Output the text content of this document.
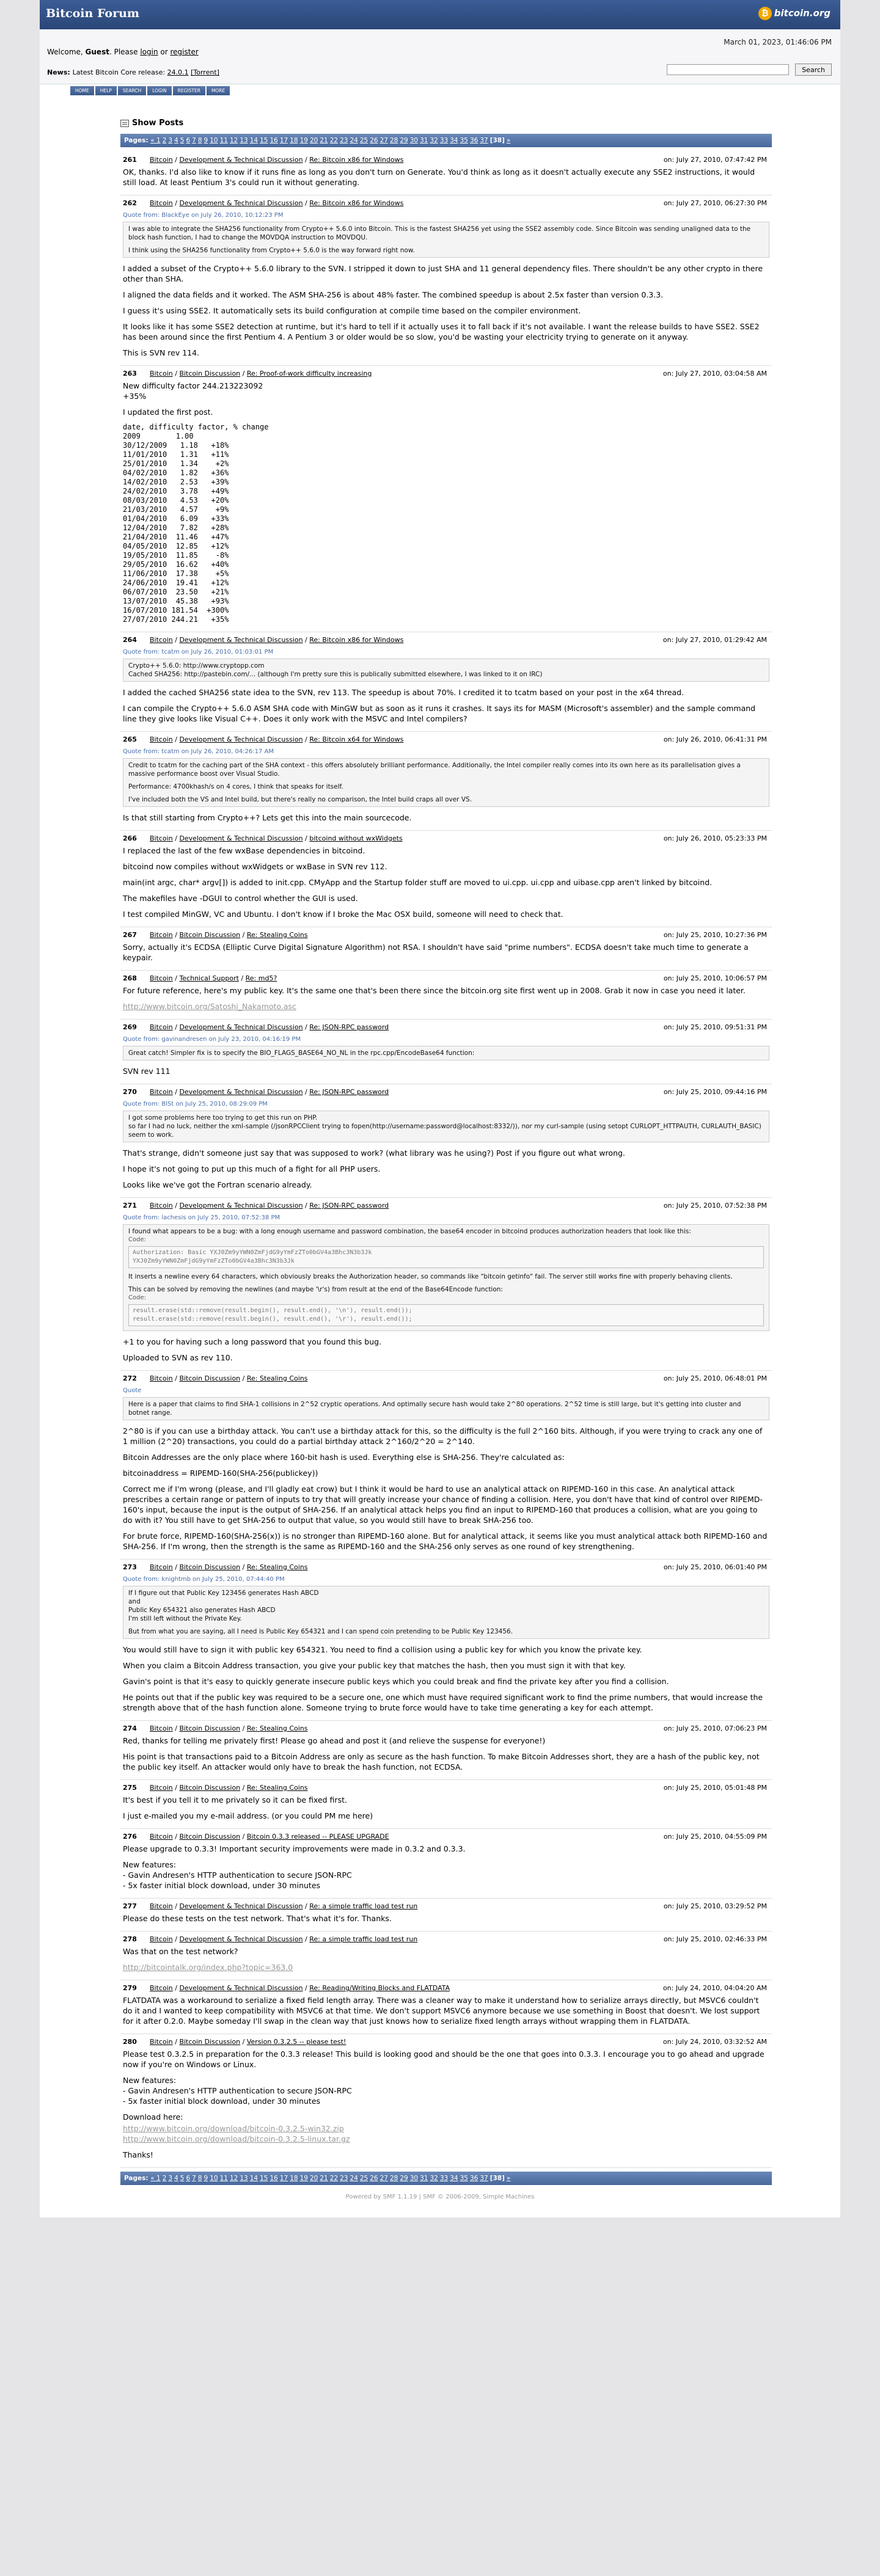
Bitcoin Forum	₿ bitcoin.org
March 01, 2023, 01:46:06 PM
Welcome, Guest. Please login or register
News: Latest Bitcoin Core release: 24.0.1 [Torrent]	Search
HOME HELP SEARCH LOGIN REGISTER MORE
Show Posts
Pages: « 1 2 3 4 5 6 7 8 9 10 11 12 13 14 15 16 17 18 19 20 21 22 23 24 25 26 27 28 29 30 31 32 33 34 35 36 37 [38] »
261 Bitcoin / Development & Technical Discussion / Re: Bitcoin x86 for Windows	on: July 27, 2010, 07:47:42 PM

OK, thanks. I'd also like to know if it runs fine as long as you don't turn on Generate. You'd think as long as it doesn't actually execute any SSE2 instructions, it would still load. At least Pentium 3's could run it without generating.

262 Bitcoin / Development & Technical Discussion / Re: Bitcoin x86 for Windows	on: July 27, 2010, 06:27:30 PM
Quote from: BlackEye on July 26, 2010, 10:12:23 PM

I was able to integrate the SHA256 functionality from Crypto++ 5.6.0 into Bitcoin. This is the fastest SHA256 yet using the SSE2 assembly code. Since Bitcoin was sending unaligned data to the block hash function, I had to change the MOVDQA instruction to MOVDQU.

I think using the SHA256 functionality from Crypto++ 5.6.0 is the way forward right now.

I added a subset of the Crypto++ 5.6.0 library to the SVN. I stripped it down to just SHA and 11 general dependency files. There shouldn't be any other crypto in there other than SHA.

I aligned the data fields and it worked. The ASM SHA-256 is about 48% faster. The combined speedup is about 2.5x faster than version 0.3.3.

I guess it's using SSE2. It automatically sets its build configuration at compile time based on the compiler environment.

It looks like it has some SSE2 detection at runtime, but it's hard to tell if it actually uses it to fall back if it's not available. I want the release builds to have SSE2. SSE2 has been around since the first Pentium 4. A Pentium 3 or older would be so slow, you'd be wasting your electricity trying to generate on it anyway.

This is SVN rev 114.

263 Bitcoin / Bitcoin Discussion / Re: Proof-of-work difficulty increasing	on: July 27, 2010, 03:04:58 AM

New difficulty factor 244.213223092
+35%

I updated the first post.

date, difficulty factor, % change
2009        1.00
30/12/2009   1.18   +18%
11/01/2010   1.31   +11%
25/01/2010   1.34    +2%
04/02/2010   1.82   +36%
14/02/2010   2.53   +39%
24/02/2010   3.78   +49%
08/03/2010   4.53   +20%
21/03/2010   4.57    +9%
01/04/2010   6.09   +33%
12/04/2010   7.82   +28%
21/04/2010  11.46   +47%
04/05/2010  12.85   +12%
19/05/2010  11.85    -8%
29/05/2010  16.62   +40%
11/06/2010  17.38    +5%
24/06/2010  19.41   +12%
06/07/2010  23.50   +21%
13/07/2010  45.38   +93%
16/07/2010 181.54  +300%
27/07/2010 244.21   +35%
264 Bitcoin / Development & Technical Discussion / Re: Bitcoin x86 for Windows	on: July 27, 2010, 01:29:42 AM
Quote from: tcatm on July 26, 2010, 01:03:01 PM

Crypto++ 5.6.0: http://www.cryptopp.com
Cached SHA256: http://pastebin.com/... (although I'm pretty sure this is publically submitted elsewhere, I was linked to it on IRC)

I added the cached SHA256 state idea to the SVN, rev 113. The speedup is about 70%. I credited it to tcatm based on your post in the x64 thread.

I can compile the Crypto++ 5.6.0 ASM SHA code with MinGW but as soon as it runs it crashes. It says its for MASM (Microsoft's assembler) and the sample command line they give looks like Visual C++. Does it only work with the MSVC and Intel compilers?

265 Bitcoin / Development & Technical Discussion / Re: Bitcoin x64 for Windows	on: July 26, 2010, 06:41:31 PM
Quote from: tcatm on July 26, 2010, 04:26:17 AM

Credit to tcatm for the caching part of the SHA context - this offers absolutely brilliant performance. Additionally, the Intel compiler really comes into its own here as its parallelisation gives a massive performance boost over Visual Studio.

Performance: 4700khash/s on 4 cores, I think that speaks for itself.

I've included both the VS and Intel build, but there's really no comparison, the Intel build craps all over VS.

Is that still starting from Crypto++? Lets get this into the main sourcecode.

266 Bitcoin / Development & Technical Discussion / bitcoind without wxWidgets	on: July 26, 2010, 05:23:33 PM

I replaced the last of the few wxBase dependencies in bitcoind.

bitcoind now compiles without wxWidgets or wxBase in SVN rev 112.

main(int argc, char* argv[]) is added to init.cpp. CMyApp and the Startup folder stuff are moved to ui.cpp. ui.cpp and uibase.cpp aren't linked by bitcoind.

The makefiles have -DGUI to control whether the GUI is used.

I test compiled MinGW, VC and Ubuntu. I don't know if I broke the Mac OSX build, someone will need to check that.

267 Bitcoin / Bitcoin Discussion / Re: Stealing Coins	on: July 25, 2010, 10:27:36 PM

Sorry, actually it's ECDSA (Elliptic Curve Digital Signature Algorithm) not RSA. I shouldn't have said "prime numbers". ECDSA doesn't take much time to generate a keypair.

268 Bitcoin / Technical Support / Re: md5?	on: July 25, 2010, 10:06:57 PM

For future reference, here's my public key. It's the same one that's been there since the bitcoin.org site first went up in 2008. Grab it now in case you need it later.

http://www.bitcoin.org/Satoshi_Nakamoto.asc

269 Bitcoin / Development & Technical Discussion / Re: JSON-RPC password	on: July 25, 2010, 09:51:31 PM
Quote from: gavinandresen on July 23, 2010, 04:16:19 PM

Great catch! Simpler fix is to specify the BIO_FLAGS_BASE64_NO_NL in the rpc.cpp/EncodeBase64 function:

SVN rev 111

270 Bitcoin / Development & Technical Discussion / Re: JSON-RPC password	on: July 25, 2010, 09:44:16 PM
Quote from: BlSt on July 25, 2010, 08:29:09 PM

I got some problems here too trying to get this run on PHP.
so far I had no luck, neither the xml-sample (/jsonRPCClient trying to fopen(http://username:password@localhost:8332/)), nor my curl-sample (using setopt CURLOPT_HTTPAUTH, CURLAUTH_BASIC) seem to work.

That's strange, didn't someone just say that was supposed to work? (what library was he using?) Post if you figure out what wrong.

I hope it's not going to put up this much of a fight for all PHP users.

Looks like we've got the Fortran scenario already.

271 Bitcoin / Development & Technical Discussion / Re: JSON-RPC password	on: July 25, 2010, 07:52:38 PM
Quote from: lachesis on July 25, 2010, 07:52:38 PM

I found what appears to be a bug: with a long enough username and password combination, the base64 encoder in bitcoind produces authorization headers that look like this:

Code:
Authorization: Basic YXJ0Zm9yYWN0ZmFjdG9yYmFzZTo0bGV4a3Bhc3N3b3Jk
YXJ0Zm9yYWN0ZmFjdG9yYmFzZTo0bGV4a3Bhc3N3b3Jk

It inserts a newline every 64 characters, which obviously breaks the Authorization header, so commands like "bitcoin getinfo" fail. The server still works fine with properly behaving clients.

This can be solved by removing the newlines (and maybe '\r's) from result at the end of the Base64Encode function:

Code:
result.erase(std::remove(result.begin(), result.end(), '\n'), result.end());
result.erase(std::remove(result.begin(), result.end(), '\r'), result.end());

+1 to you for having such a long password that you found this bug.

Uploaded to SVN as rev 110.

272 Bitcoin / Bitcoin Discussion / Re: Stealing Coins	on: July 25, 2010, 06:48:01 PM
Quote

Here is a paper that claims to find SHA-1 collisions in 2^52 cryptic operations. And optimally secure hash would take 2^80 operations. 2^52 time is still large, but it's getting into cluster and botnet range.

2^80 is if you can use a birthday attack. You can't use a birthday attack for this, so the difficulty is the full 2^160 bits. Although, if you were trying to crack any one of 1 million (2^20) transactions, you could do a partial birthday attack 2^160/2^20 = 2^140.

Bitcoin Addresses are the only place where 160-bit hash is used. Everything else is SHA-256. They're calculated as:

bitcoinaddress = RIPEMD-160(SHA-256(publickey))

Correct me if I'm wrong (please, and I'll gladly eat crow) but I think it would be hard to use an analytical attack on RIPEMD-160 in this case. An analytical attack prescribes a certain range or pattern of inputs to try that will greatly increase your chance of finding a collision. Here, you don't have that kind of control over RIPEMD-160's input, because the input is the output of SHA-256. If an analytical attack helps you find an input to RIPEMD-160 that produces a collision, what are you going to do with it? You still have to get SHA-256 to output that value, so you would still have to break SHA-256 too.

For brute force, RIPEMD-160(SHA-256(x)) is no stronger than RIPEMD-160 alone. But for analytical attack, it seems like you must analytical attack both RIPEMD-160 and SHA-256. If I'm wrong, then the strength is the same as RIPEMD-160 and the SHA-256 only serves as one round of key strengthening.

273 Bitcoin / Bitcoin Discussion / Re: Stealing Coins	on: July 25, 2010, 06:01:40 PM
Quote from: knightmb on July 25, 2010, 07:44:40 PM

If I figure out that Public Key 123456 generates Hash ABCD
and
Public Key 654321 also generates Hash ABCD
I'm still left without the Private Key.

But from what you are saying, all I need is Public Key 654321 and I can spend coin pretending to be Public Key 123456.

You would still have to sign it with public key 654321. You need to find a collision using a public key for which you know the private key.

When you claim a Bitcoin Address transaction, you give your public key that matches the hash, then you must sign it with that key.

Gavin's point is that it's easy to quickly generate insecure public keys which you could break and find the private key after you find a collision.

He points out that if the public key was required to be a secure one, one which must have required significant work to find the prime numbers, that would increase the strength above that of the hash function alone. Someone trying to brute force would have to take time generating a key for each attempt.

274 Bitcoin / Bitcoin Discussion / Re: Stealing Coins	on: July 25, 2010, 07:06:23 PM

Red, thanks for telling me privately first! Please go ahead and post it (and relieve the suspense for everyone!)

His point is that transactions paid to a Bitcoin Address are only as secure as the hash function. To make Bitcoin Addresses short, they are a hash of the public key, not the public key itself. An attacker would only have to break the hash function, not ECDSA.

275 Bitcoin / Bitcoin Discussion / Re: Stealing Coins	on: July 25, 2010, 05:01:48 PM

It's best if you tell it to me privately so it can be fixed first.

I just e-mailed you my e-mail address. (or you could PM me here)

276 Bitcoin / Bitcoin Discussion / Bitcoin 0.3.3 released -- PLEASE UPGRADE	on: July 25, 2010, 04:55:09 PM

Please upgrade to 0.3.3! Important security improvements were made in 0.3.2 and 0.3.3.

New features:
- Gavin Andresen's HTTP authentication to secure JSON-RPC
- 5x faster initial block download, under 30 minutes

277 Bitcoin / Development & Technical Discussion / Re: a simple traffic load test run	on: July 25, 2010, 03:29:52 PM

Please do these tests on the test network. That's what it's for. Thanks.

278 Bitcoin / Development & Technical Discussion / Re: a simple traffic load test run	on: July 25, 2010, 02:46:33 PM

Was that on the test network?

http://bitcointalk.org/index.php?topic=363.0

279 Bitcoin / Development & Technical Discussion / Re: Reading/Writing Blocks and FLATDATA	on: July 24, 2010, 04:04:20 AM

FLATDATA was a workaround to serialize a fixed field length array. There was a cleaner way to make it understand how to serialize arrays directly, but MSVC6 couldn't do it and I wanted to keep compatibility with MSVC6 at that time. We don't support MSVC6 anymore because we use something in Boost that doesn't. We lost support for it after 0.2.0. Maybe someday I'll swap in the clean way that just knows how to serialize fixed length arrays without wrapping them in FLATDATA.

280 Bitcoin / Bitcoin Discussion / Version 0.3.2.5 -- please test!	on: July 24, 2010, 03:32:52 AM

Please test 0.3.2.5 in preparation for the 0.3.3 release! This build is looking good and should be the one that goes into 0.3.3. I encourage you to go ahead and upgrade now if you're on Windows or Linux.

New features:
- Gavin Andresen's HTTP authentication to secure JSON-RPC
- 5x faster initial block download, under 30 minutes

Download here:

http://www.bitcoin.org/download/bitcoin-0.3.2.5-win32.zip
http://www.bitcoin.org/download/bitcoin-0.3.2.5-linux.tar.gz

Thanks!

Pages: « 1 2 3 4 5 6 7 8 9 10 11 12 13 14 15 16 17 18 19 20 21 22 23 24 25 26 27 28 29 30 31 32 33 34 35 36 37 [38] »
Powered by SMF 1.1.19 | SMF © 2006-2009, Simple Machines
